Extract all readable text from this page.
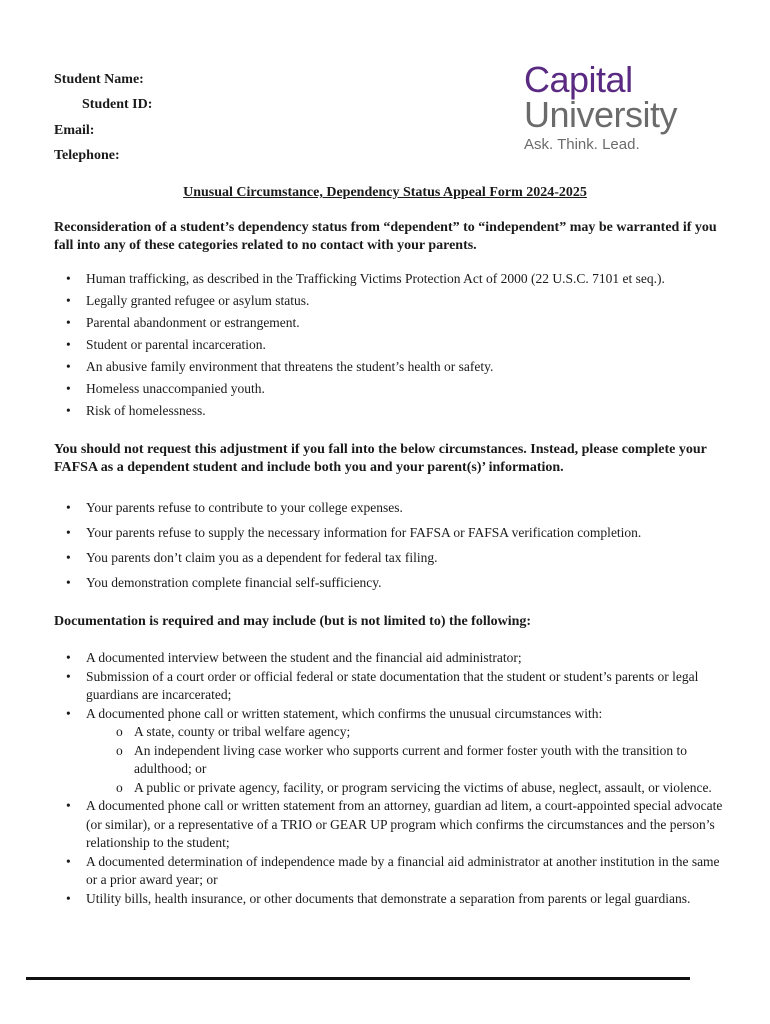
Student Name:
Student ID:
Email:
Telephone:
Capital
University
Ask. Think. Lead.
Unusual Circumstance, Dependency Status Appeal Form 2024-2025
Reconsideration of a student’s dependency status from “dependent” to “independent” may be warranted if you fall into any of these categories related to no contact with your parents.
• Human trafficking, as described in the Trafficking Victims Protection Act of 2000 (22 U.S.C. 7101 et seq.).
• Legally granted refugee or asylum status.
• Parental abandonment or estrangement.
• Student or parental incarceration.
• An abusive family environment that threatens the student’s health or safety.
• Homeless unaccompanied youth.
• Risk of homelessness.
You should not request this adjustment if you fall into the below circumstances. Instead, please complete your FAFSA as a dependent student and include both you and your parent(s)’ information.
• Your parents refuse to contribute to your college expenses.
• Your parents refuse to supply the necessary information for FAFSA or FAFSA verification completion.
• You parents don’t claim you as a dependent for federal tax filing.
• You demonstration complete financial self-sufficiency.
Documentation is required and may include (but is not limited to) the following:
• A documented interview between the student and the financial aid administrator;
• Submission of a court order or official federal or state documentation that the student or student’s parents or legal guardians are incarcerated;
• A documented phone call or written statement, which confirms the unusual circumstances with:
o A state, county or tribal welfare agency;
o An independent living case worker who supports current and former foster youth with the transition to adulthood; or
o A public or private agency, facility, or program servicing the victims of abuse, neglect, assault, or violence.
• A documented phone call or written statement from an attorney, guardian ad litem, a court-appointed special advocate (or similar), or a representative of a TRIO or GEAR UP program which confirms the circumstances and the person’s relationship to the student;
• A documented determination of independence made by a financial aid administrator at another institution in the same or a prior award year; or
• Utility bills, health insurance, or other documents that demonstrate a separation from parents or legal guardians.
